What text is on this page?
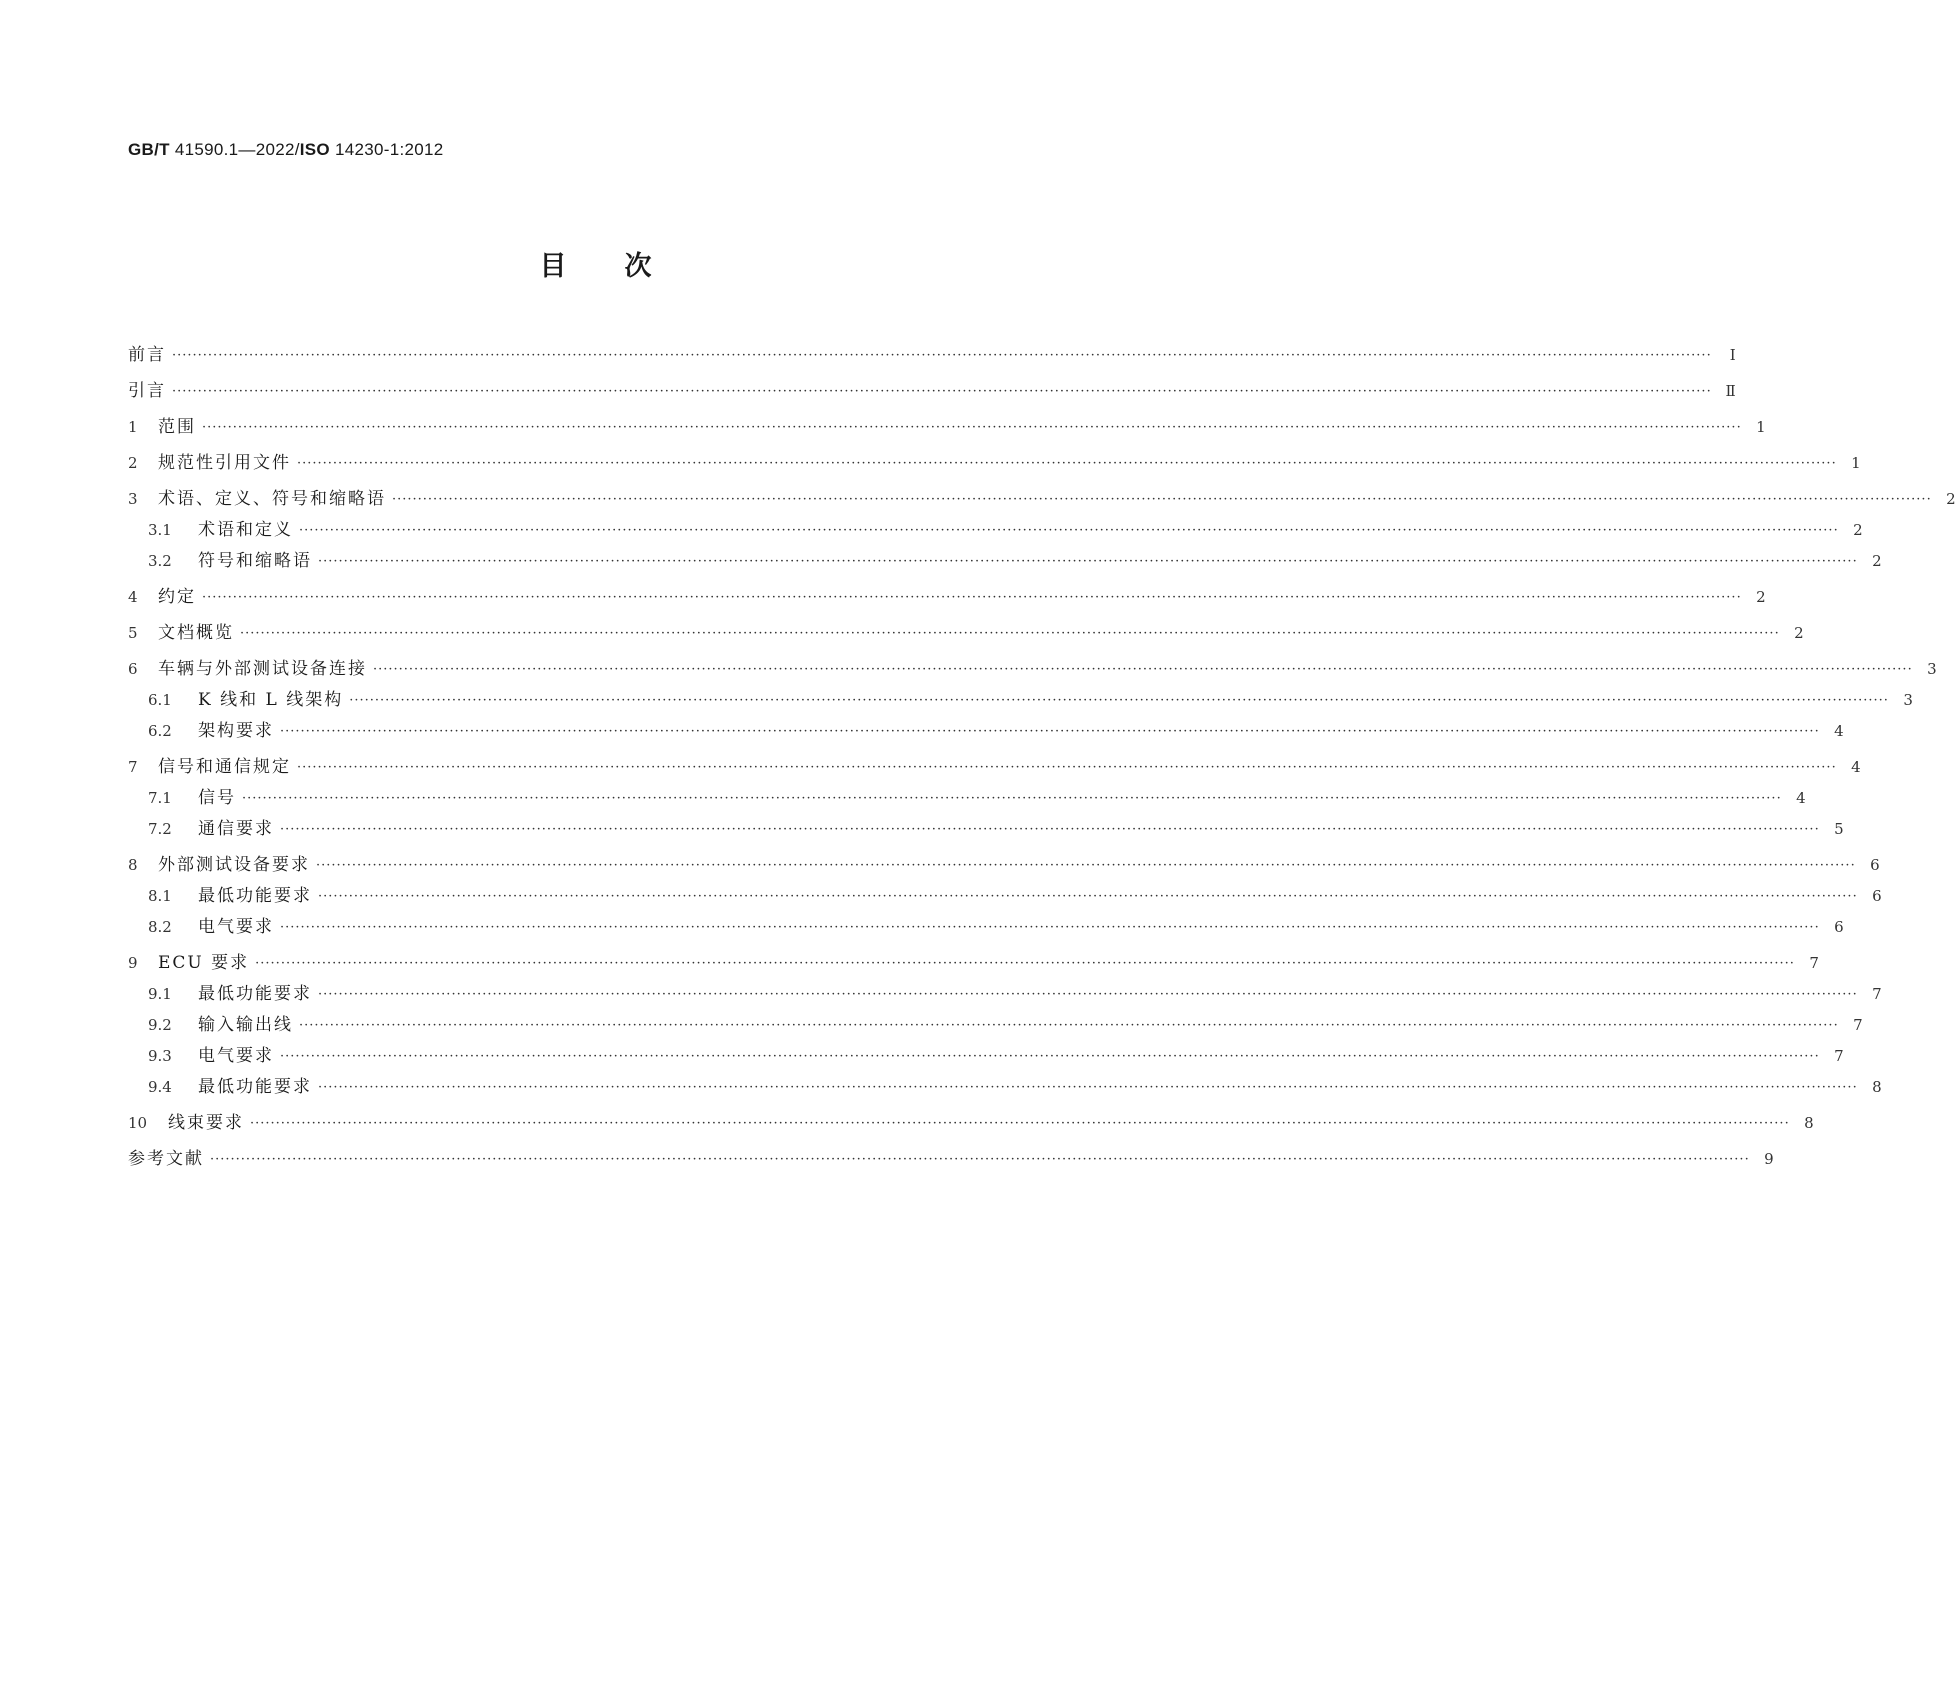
GB/T 41590.1—2022/ISO 14230-1:2012
目次
前言 ············································································································································································································································································································	Ⅰ
引言 ············································································································································································································································································································ Ⅱ
1 范围 ············································································································································································································································································································ 1
2 规范性引用文件 ············································································································································································································································································································ 1
3 术语、定义、符号和缩略语 ············································································································································································································································································································ 2
3.1 术语和定义 ············································································································································································································································································································ 2
3.2 符号和缩略语 ············································································································································································································································································································ 2
4 约定 ············································································································································································································································································································ 2
5 文档概览 ············································································································································································································································································································ 2
6 车辆与外部测试设备连接 ············································································································································································································································································································ 3
6.1 K 线和 L 线架构 ············································································································································································································································································································ 3
6.2 架构要求 ············································································································································································································································································································ 4
7 信号和通信规定 ············································································································································································································································································································ 4
7.1 信号 ············································································································································································································································································································ 4
7.2 通信要求 ············································································································································································································································································································ 5
8 外部测试设备要求 ············································································································································································································································································································ 6
8.1 最低功能要求 ············································································································································································································································································································ 6
8.2 电气要求 ············································································································································································································································································································ 6
9 ECU 要求 ············································································································································································································································································································ 7
9.1 最低功能要求 ············································································································································································································································································································ 7
9.2 输入输出线 ············································································································································································································································································································ 7
9.3 电气要求 ············································································································································································································································································································ 7
9.4 最低功能要求 ············································································································································································································································································································ 8
10 线束要求 ············································································································································································································································································································ 8
参考文献 ············································································································································································································································································································ 9
